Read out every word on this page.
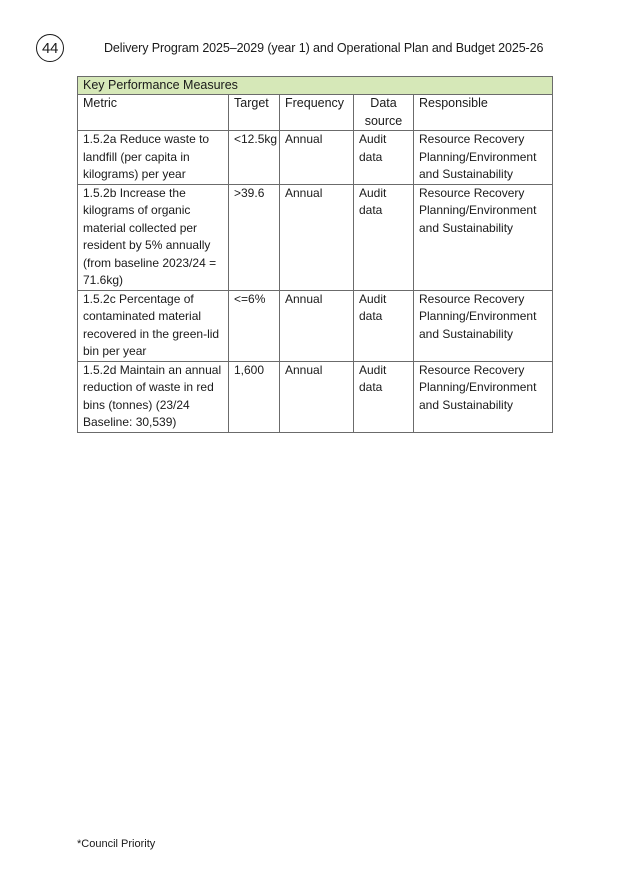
44	Delivery Program 2025–2029 (year 1) and Operational Plan and Budget 2025-26
Key Performance Measures				
Metric	Target	Frequency	Data source	Responsible
1.5.2a Reduce waste to landfill (per capita in kilograms) per year	<12.5kg	Annual	Audit data	Resource Recovery Planning/Environment and Sustainability
1.5.2b Increase the kilograms of organic material collected per resident by 5% annually (from baseline 2023/24 = 71.6kg)	>39.6	Annual	Audit data	Resource Recovery Planning/Environment and Sustainability
1.5.2c Percentage of contaminated material recovered in the green-lid bin per year	<=6%	Annual	Audit data	Resource Recovery Planning/Environment and Sustainability
1.5.2d Maintain an annual reduction of waste in red bins (tonnes) (23/24 Baseline: 30,539)	1,600	Annual	Audit data	Resource Recovery Planning/Environment and Sustainability
*Council Priority
